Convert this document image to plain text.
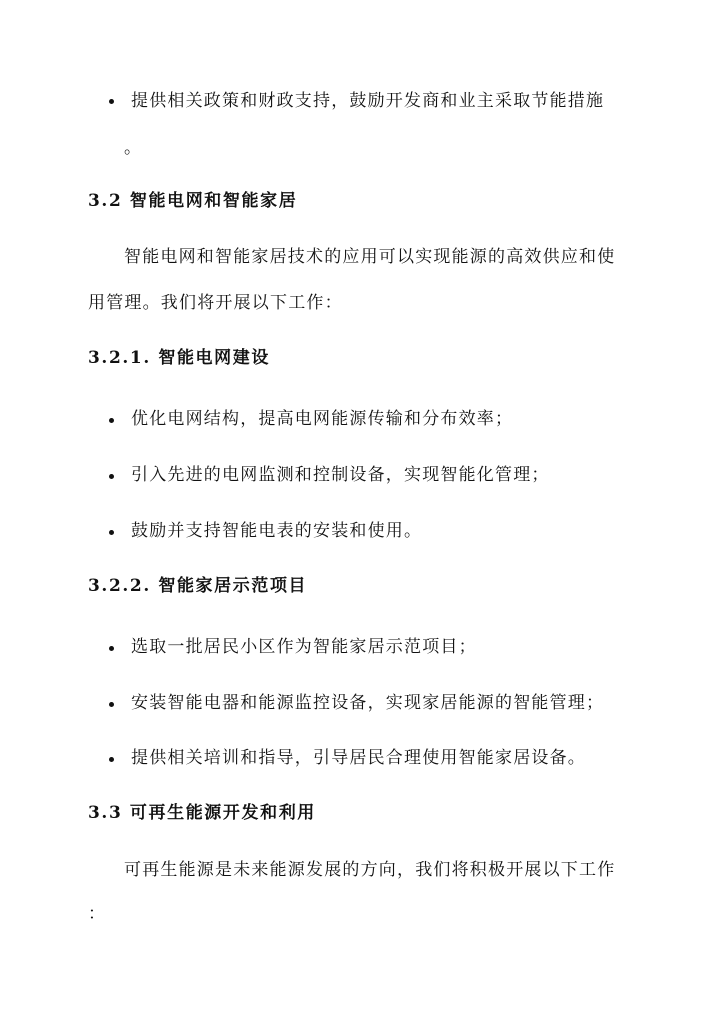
提供相关政策和财政支持，鼓励开发商和业主采取节能措施
。
3.2 智能电网和智能家居
智能电网和智能家居技术的应用可以实现能源的高效供应和使
用管理。我们将开展以下工作：
3.2.1. 智能电网建设
优化电网结构，提高电网能源传输和分布效率；
引入先进的电网监测和控制设备，实现智能化管理；
鼓励并支持智能电表的安装和使用。
3.2.2. 智能家居示范项目
选取一批居民小区作为智能家居示范项目；
安装智能电器和能源监控设备，实现家居能源的智能管理；
提供相关培训和指导，引导居民合理使用智能家居设备。
3.3 可再生能源开发和利用
可再生能源是未来能源发展的方向，我们将积极开展以下工作
：
